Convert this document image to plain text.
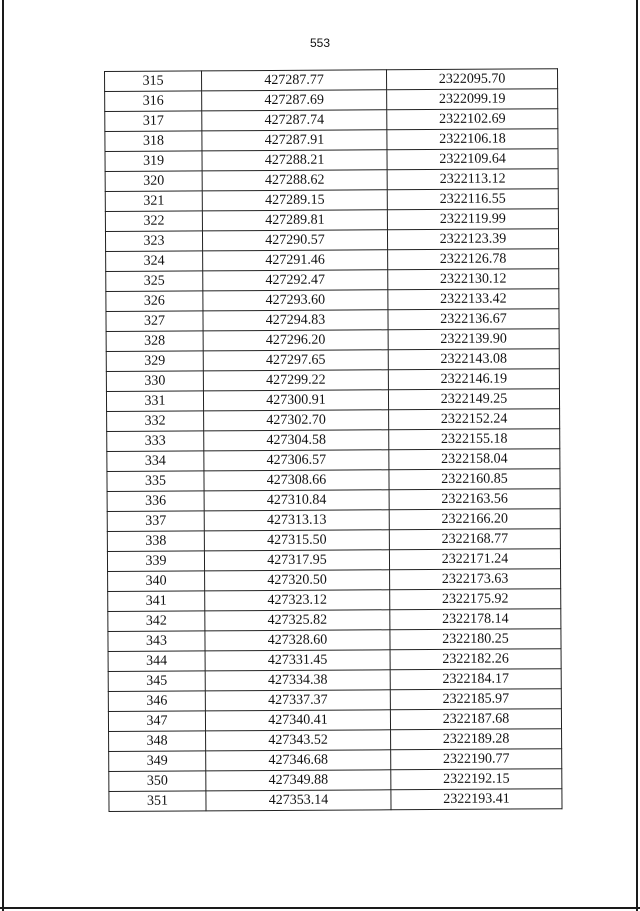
553
315	427287.77	2322095.70
316	427287.69	2322099.19
317	427287.74	2322102.69
318	427287.91	2322106.18
319	427288.21	2322109.64
320	427288.62	2322113.12
321	427289.15	2322116.55
322	427289.81	2322119.99
323	427290.57	2322123.39
324	427291.46	2322126.78
325	427292.47	2322130.12
326	427293.60	2322133.42
327	427294.83	2322136.67
328	427296.20	2322139.90
329	427297.65	2322143.08
330	427299.22	2322146.19
331	427300.91	2322149.25
332	427302.70	2322152.24
333	427304.58	2322155.18
334	427306.57	2322158.04
335	427308.66	2322160.85
336	427310.84	2322163.56
337	427313.13	2322166.20
338	427315.50	2322168.77
339	427317.95	2322171.24
340	427320.50	2322173.63
341	427323.12	2322175.92
342	427325.82	2322178.14
343	427328.60	2322180.25
344	427331.45	2322182.26
345	427334.38	2322184.17
346	427337.37	2322185.97
347	427340.41	2322187.68
348	427343.52	2322189.28
349	427346.68	2322190.77
350	427349.88	2322192.15
351	427353.14	2322193.41
